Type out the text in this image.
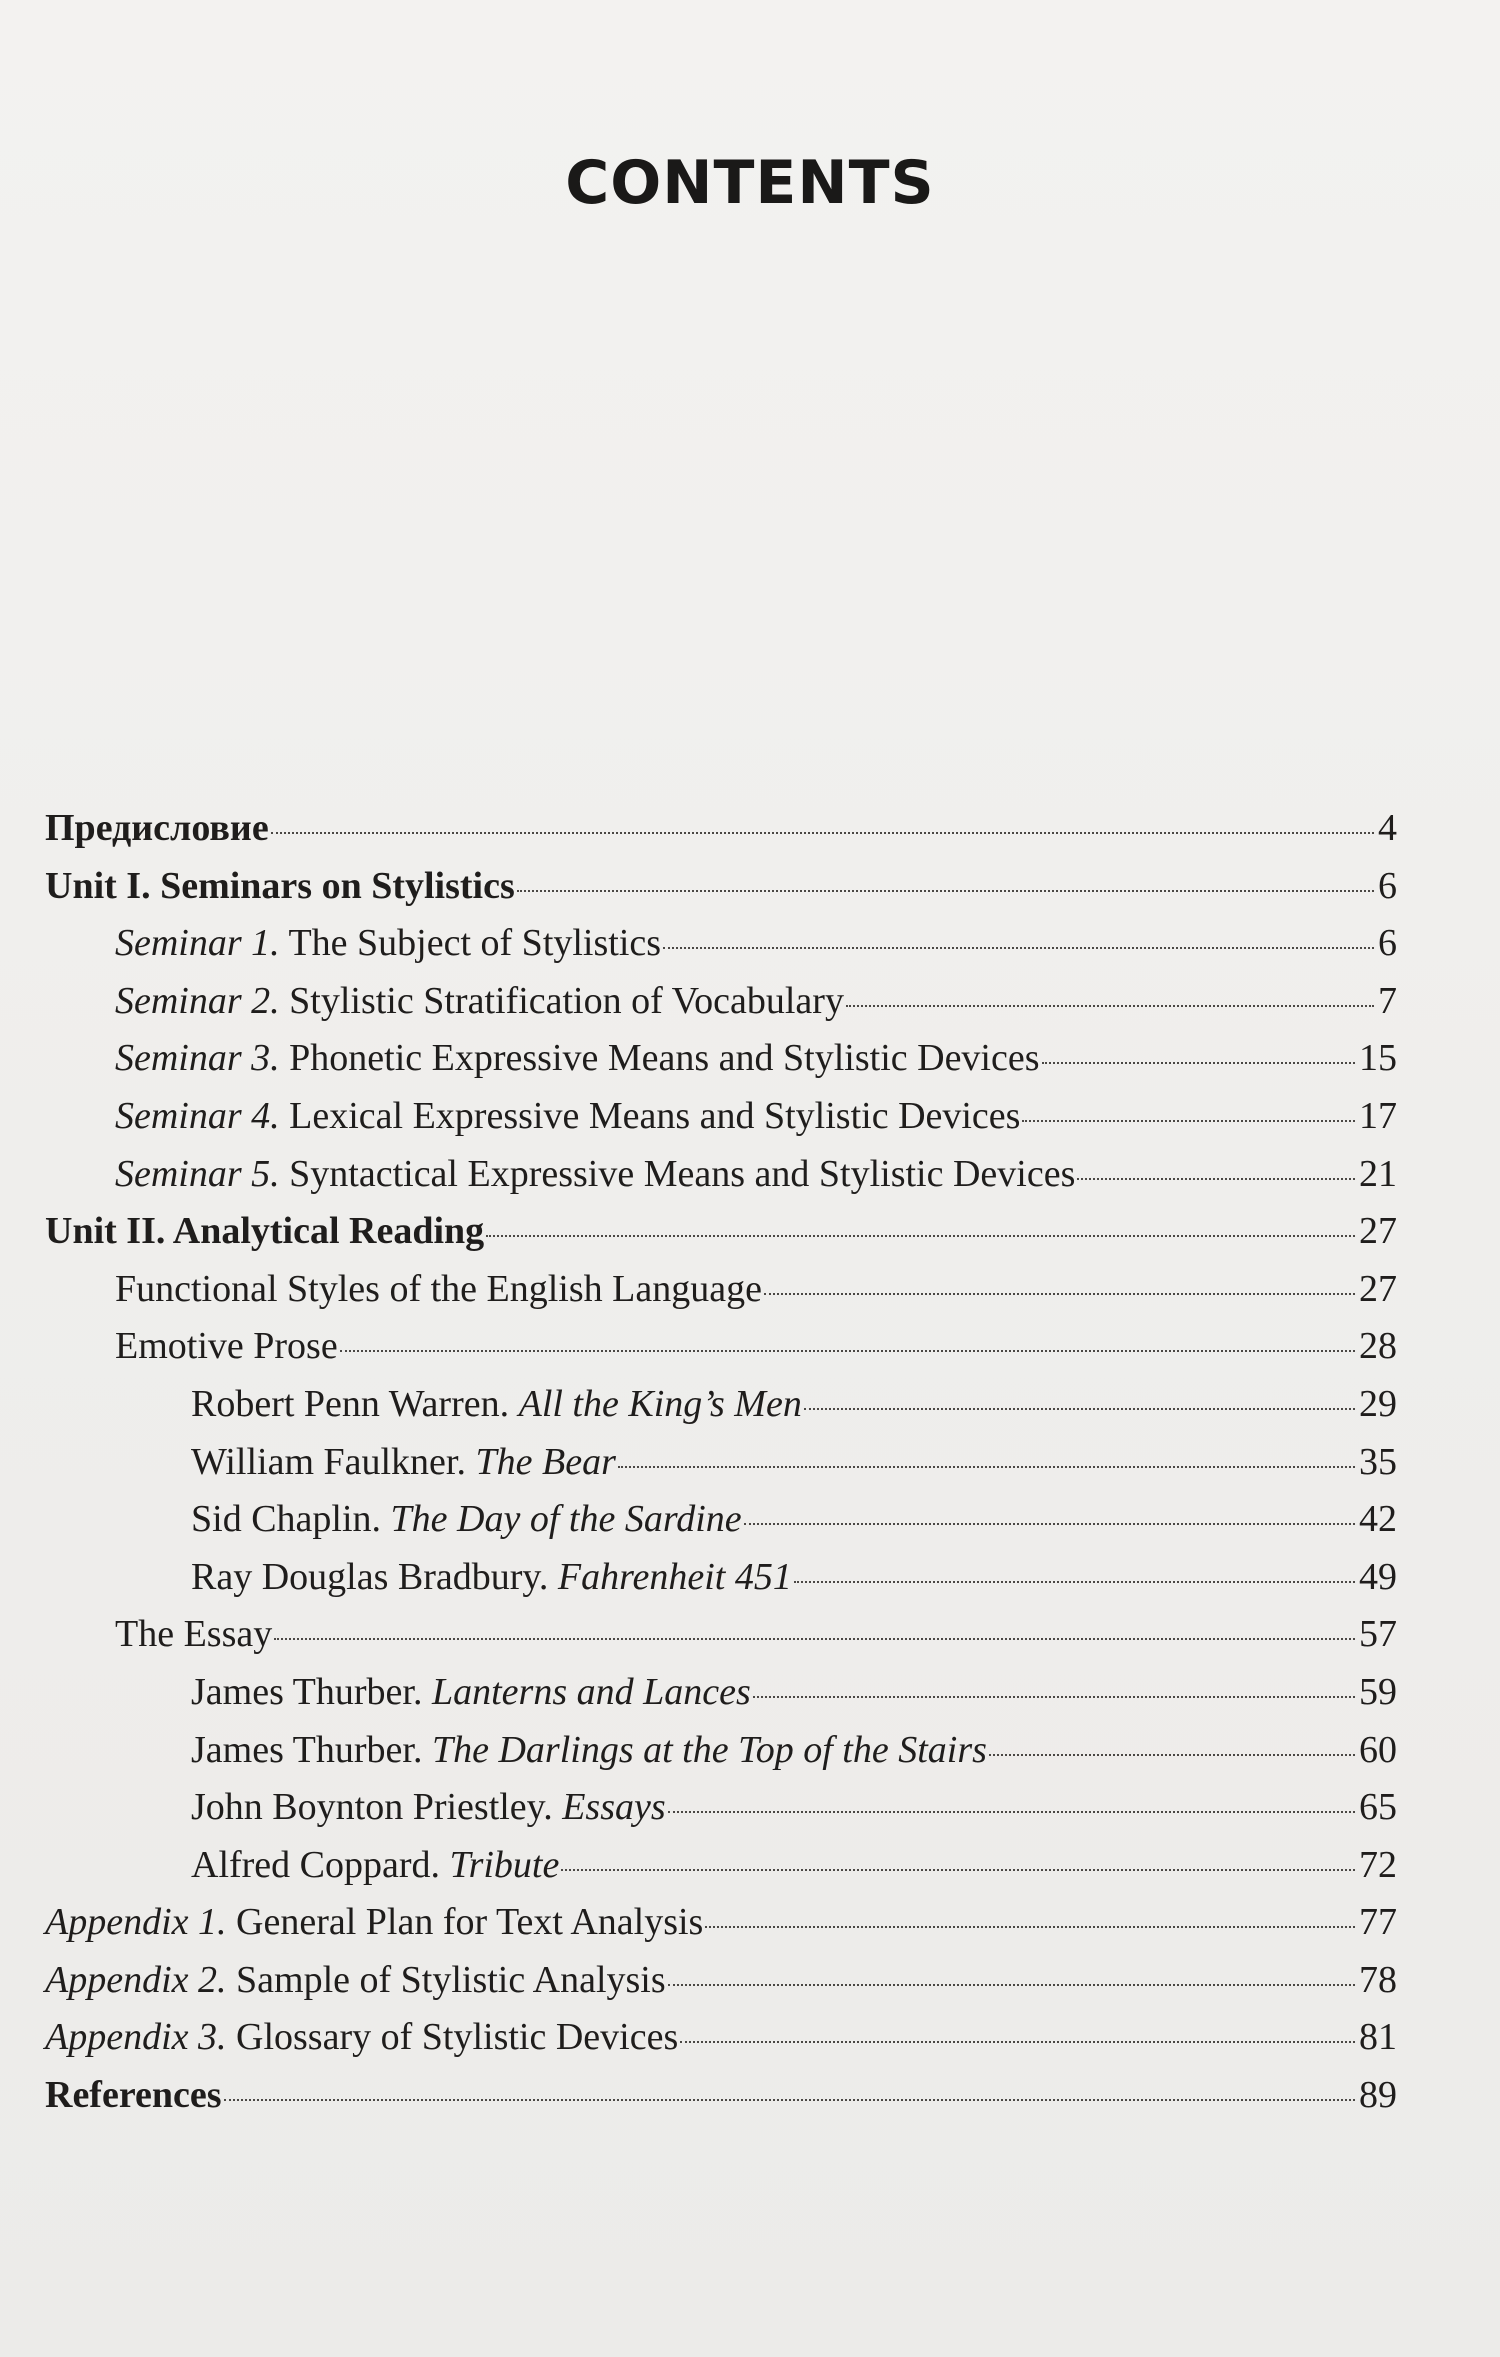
CONTENTS
Предисловие	4
Unit I. Seminars on Stylistics	6
Seminar 1. The Subject of Stylistics	6
Seminar 2. Stylistic Stratification of Vocabulary	7
Seminar 3. Phonetic Expressive Means and Stylistic Devices	15
Seminar 4. Lexical Expressive Means and Stylistic Devices	17
Seminar 5. Syntactical Expressive Means and Stylistic Devices	21
Unit II. Analytical Reading	27
Functional Styles of the English Language	27
Emotive Prose	28
Robert Penn Warren. All the King’s Men	29
William Faulkner. The Bear	35
Sid Chaplin. The Day of the Sardine	42
Ray Douglas Bradbury. Fahrenheit 451	49
The Essay	57
James Thurber. Lanterns and Lances	59
James Thurber. The Darlings at the Top of the Stairs	60
John Boynton Priestley. Essays	65
Alfred Coppard. Tribute	72
Appendix 1. General Plan for Text Analysis	77
Appendix 2. Sample of Stylistic Analysis	78
Appendix 3. Glossary of Stylistic Devices	81
References	89
